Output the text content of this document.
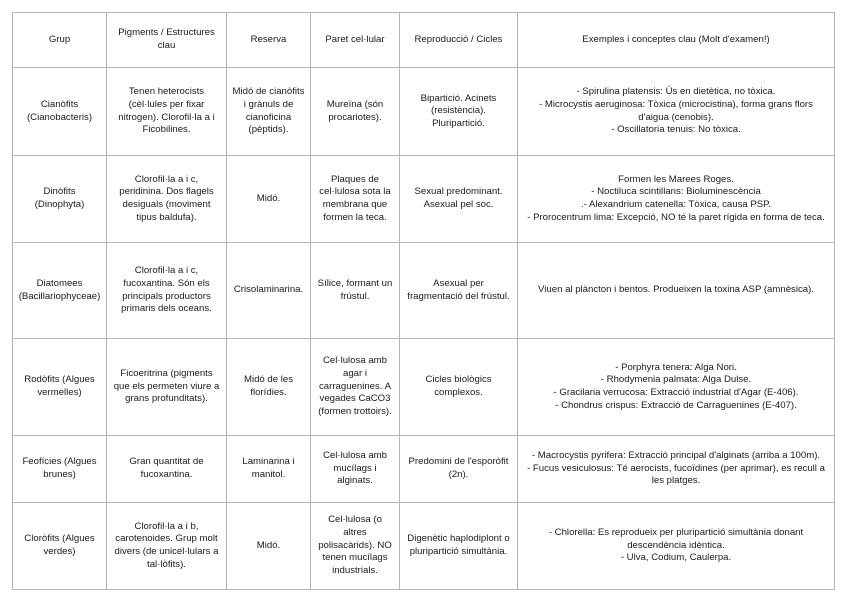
Grup	Pigments / Estructures clau	Reserva	Paret cel·lular	Reproducció / Cicles	Exemples i conceptes clau (Molt d'examen!)
Cianòfits (Cianobacteris)	Tenen heterocists (cèl·lules per fixar nitrogen). Clorofil·la a i Ficobilines.	Midó de cianòfits i grànuls de cianoficina (pèptids).	Mureïna (són procariotes).	Bipartició. Acinets (resistència). Pluripartició.	- Spirulina platensis: Ús en dietètica, no tòxica.
- Microcystis aeruginosa: Tòxica (microcistina), forma grans flors d'aigua (cenobis).
- Oscillatoria tenuis: No tòxica.
Dinòfits (Dinophyta)	Clorofil·la a i c, peridinina. Dos flagels desiguals (moviment tipus baldufa).	Midó.	Plaques de cel·lulosa sota la membrana que formen la teca.	Sexual predominant. Asexual pel soc.	Formen les Marees Roges.
- Noctiluca scintillans: Bioluminescència
.- Alexandrium catenella: Tòxica, causa PSP.
- Prorocentrum lima: Excepció, NO té la paret rígida en forma de teca.
Diatomees (Bacillariophyceae)	Clorofil·la a i c, fucoxantina. Són els principals productors primaris dels oceans.	Crisolaminarina.	Sílice, formant un frústul.	Asexual per fragmentació del frústul.	Viuen al plàncton i bentos. Produeixen la toxina ASP (amnèsica).
Rodòfits (Algues vermelles)	Ficoeritrina (pigments que els permeten viure a grans profunditats).	Midó de les florídies.	Cel·lulosa amb agar i carraguenines. A vegades CaCO3 (formen trottoirs).	Cicles biològics complexos.	- Porphyra tenera: Alga Nori.
- Rhodymenia palmata: Alga Dulse.
- Gracilaria verrucosa: Extracció industrial d'Agar (E-406).
- Chondrus crispus: Extracció de Carraguenines (E-407).
Feofícies (Algues brunes)	Gran quantitat de fucoxantina.	Laminarina i manitol.	Cel·lulosa amb mucílags i alginats.	Predomini de l'esporòfit (2n).	- Macrocystis pyrifera: Extracció principal d'alginats (arriba a 100m).
- Fucus vesiculosus: Té aerocists, fucoïdines (per aprimar), es recull a les platges.
Cloròfits (Algues verdes)	Clorofil·la a i b, carotenoides. Grup molt divers (de unicel·lulars a tal·lòfits).	Midó.	Cel·lulosa (o altres polisacàrids). NO tenen mucílags industrials.	Digenètic haplodiplont o pluripartició simultània.	- Chlorella: Es reprodueix per pluripartició simultània donant descendència idèntica.
- Ulva, Codium, Caulerpa.
